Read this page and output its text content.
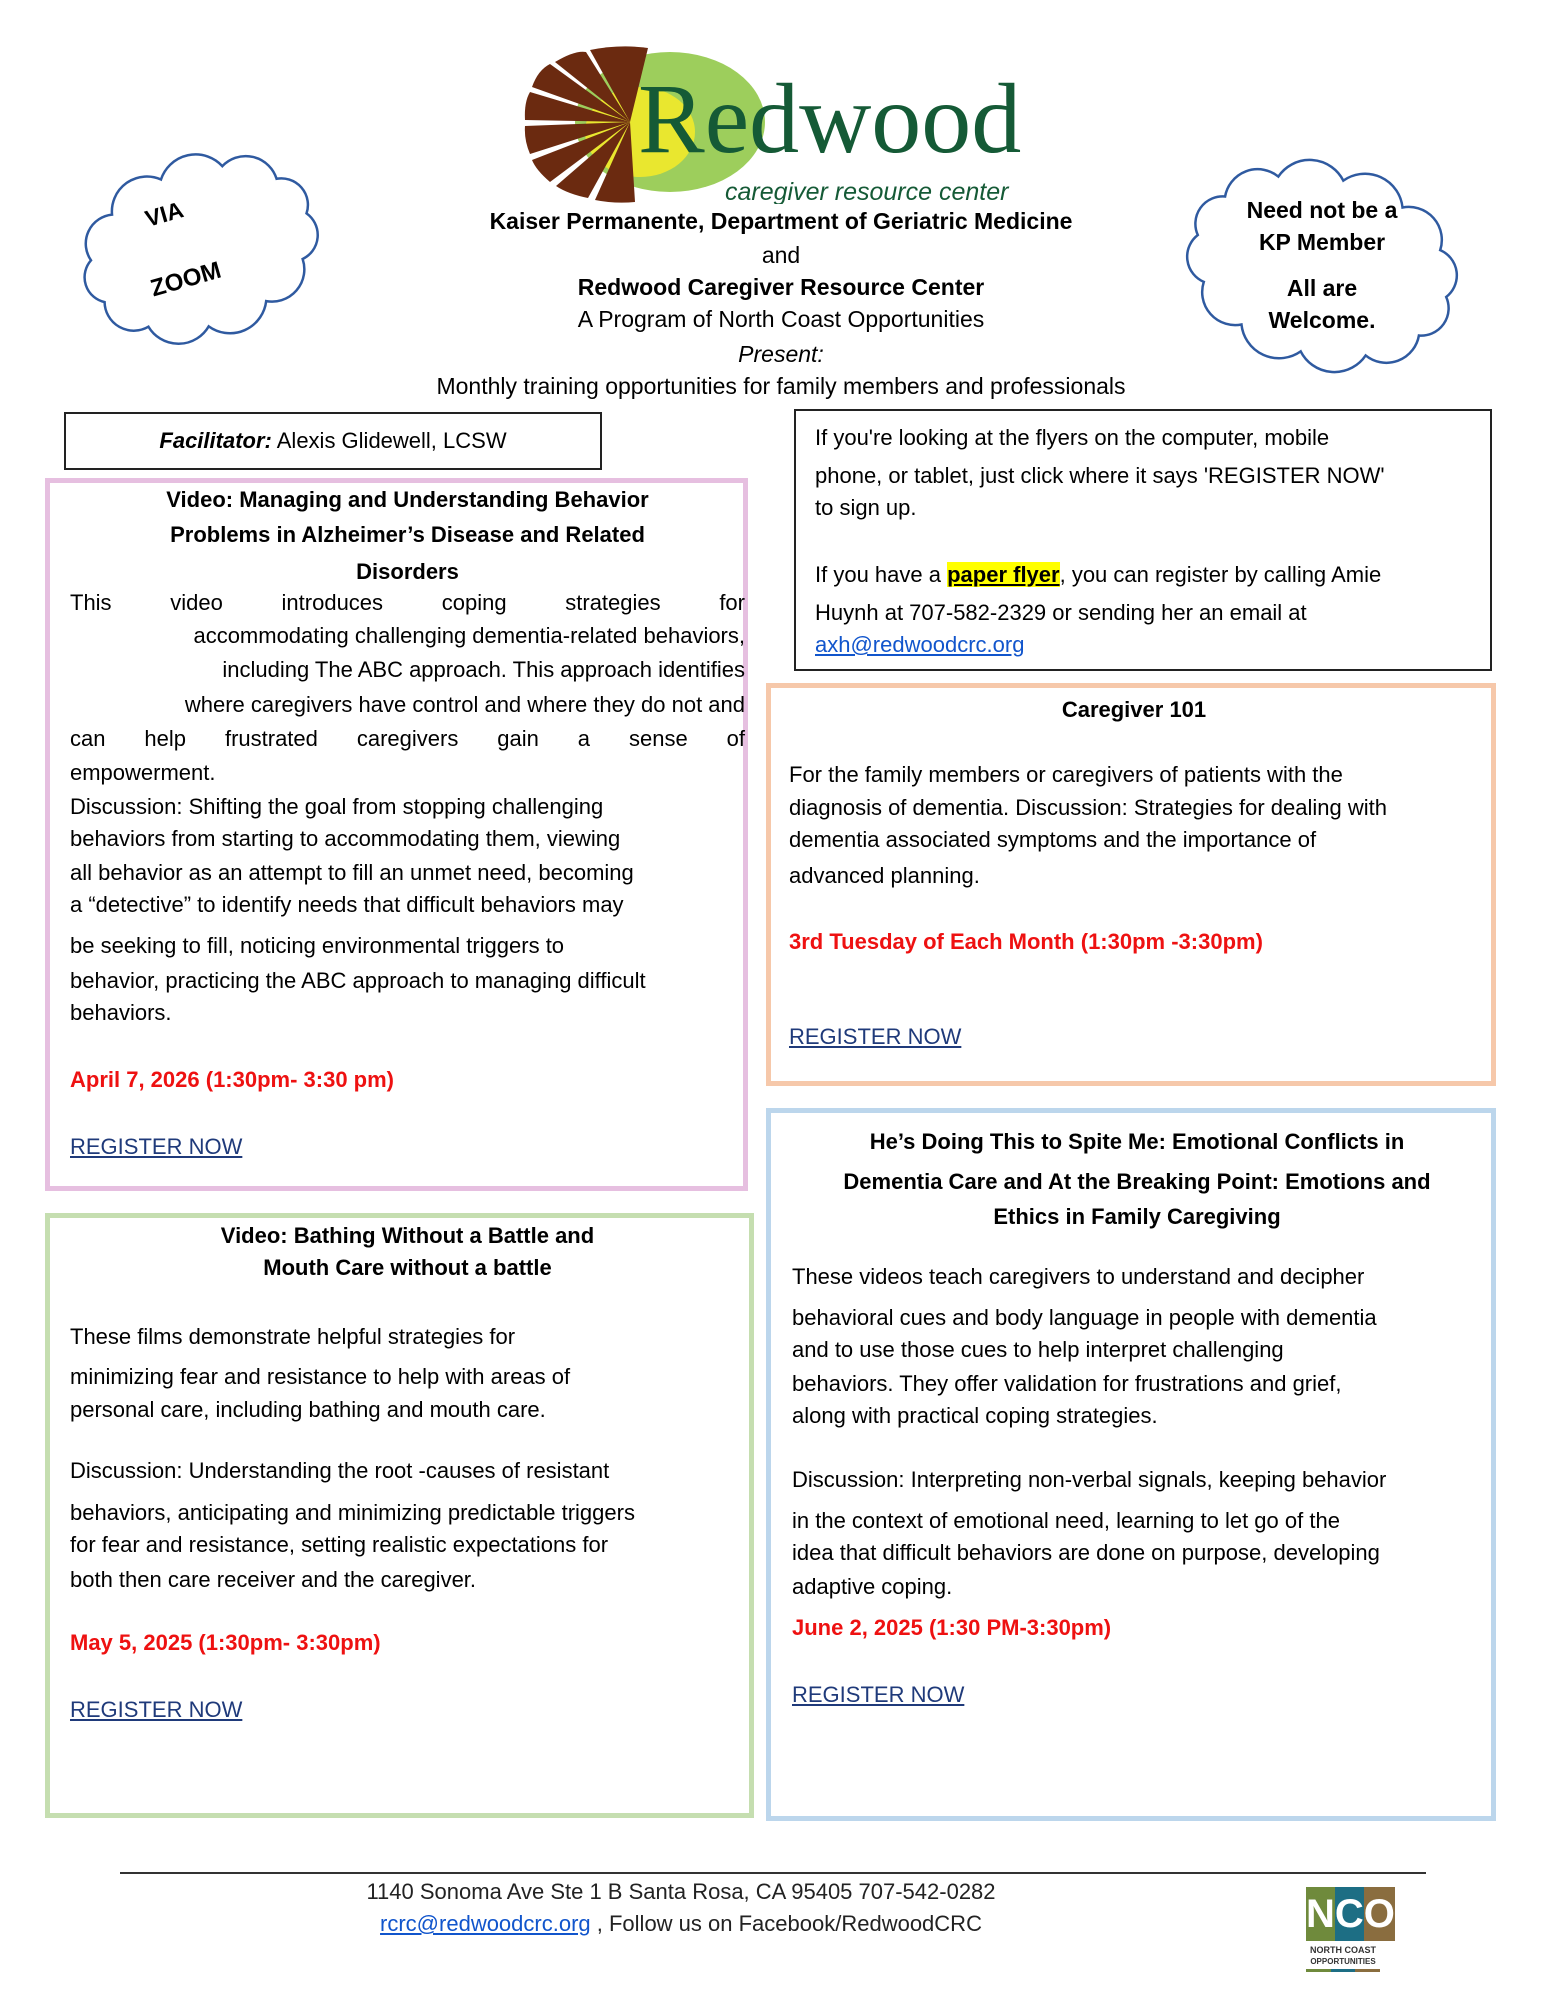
Redwood
caregiver resource center
VIA
ZOOM
Need not be a
KP Member
All are
Welcome.
Kaiser Permanente, Department of Geriatric Medicine
and
Redwood Caregiver Resource Center
A Program of North Coast Opportunities
Present:
Monthly training opportunities for family members and professionals
Facilitator: Alexis Glidewell, LCSW	If you're looking at the flyers on the computer, mobile
phone, or tablet, just click where it says 'REGISTER NOW'
to sign up.
If you have a paper flyer, you can register by calling Amie
Huynh at 707-582-2329 or sending her an email at
axh@redwoodcrc.org
Video: Managing and Understanding Behavior
Problems in Alzheimer’s Disease and Related
Disorders
This video introduces coping strategies for
accommodating challenging dementia-related behaviors,
including The ABC approach. This approach identifies
where caregivers have control and where they do not and
can help frustrated caregivers gain a sense of
empowerment.
Discussion: Shifting the goal from stopping challenging
behaviors from starting to accommodating them, viewing
all behavior as an attempt to fill an unmet need, becoming
a “detective” to identify needs that difficult behaviors may
be seeking to fill, noticing environmental triggers to
behavior, practicing the ABC approach to managing difficult
behaviors.
April 7, 2026 (1:30pm- 3:30 pm)
REGISTER NOW
Video: Bathing Without a Battle and
Mouth Care without a battle
These films demonstrate helpful strategies for
minimizing fear and resistance to help with areas of
personal care, including bathing and mouth care.
Discussion: Understanding the root -causes of resistant
behaviors, anticipating and minimizing predictable triggers
for fear and resistance, setting realistic expectations for
both then care receiver and the caregiver.
May 5, 2025 (1:30pm- 3:30pm)
REGISTER NOW
Caregiver 101
For the family members or caregivers of patients with the
diagnosis of dementia. Discussion: Strategies for dealing with
dementia associated symptoms and the importance of
advanced planning.
3rd Tuesday of Each Month (1:30pm -3:30pm)
REGISTER NOW
He’s Doing This to Spite Me: Emotional Conflicts in
Dementia Care and At the Breaking Point: Emotions and
Ethics in Family Caregiving
These videos teach caregivers to understand and decipher
behavioral cues and body language in people with dementia
and to use those cues to help interpret challenging
behaviors. They offer validation for frustrations and grief,
along with practical coping strategies.
Discussion: Interpreting non-verbal signals, keeping behavior
in the context of emotional need, learning to let go of the
idea that difficult behaviors are done on purpose, developing
adaptive coping.
June 2, 2025 (1:30 PM-3:30pm)
REGISTER NOW
1140 Sonoma Ave Ste 1 B Santa Rosa, CA 95405 707-542-0282
rcrc@redwoodcrc.org , Follow us on Facebook/RedwoodCRC	N C O
NORTH COAST
OPPORTUNITIES
